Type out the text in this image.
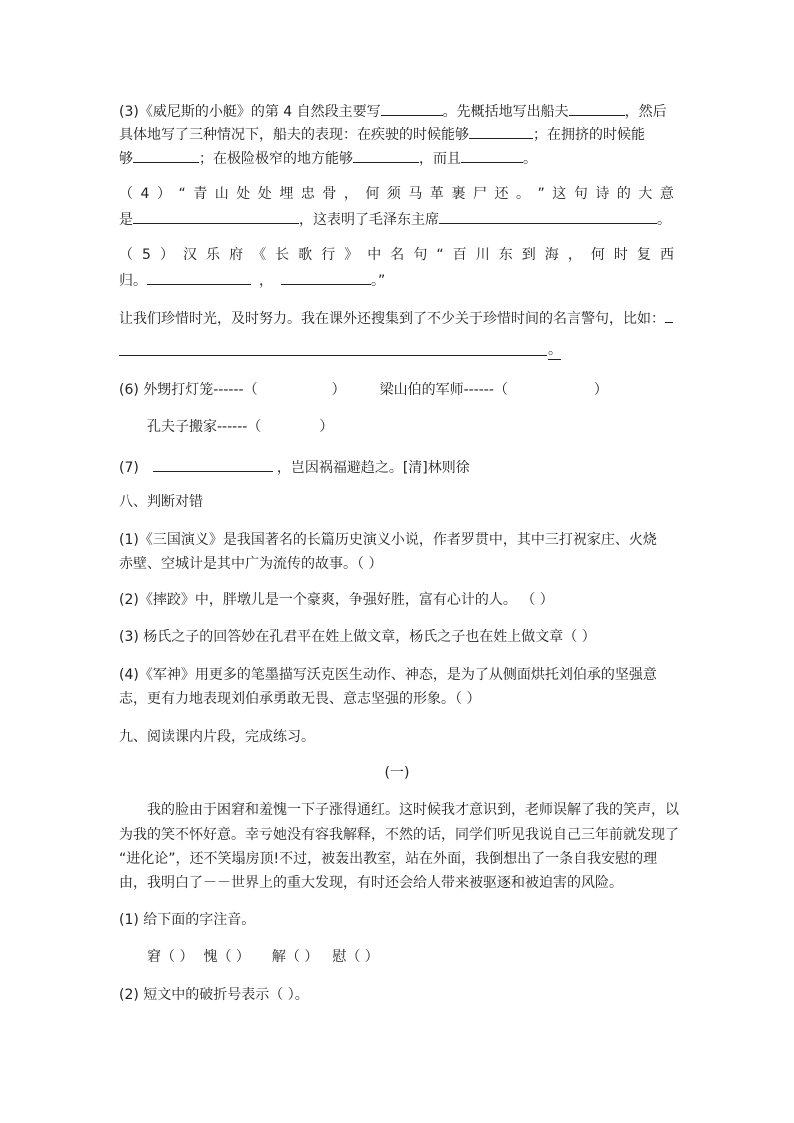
(3)《威尼斯的小艇》的第 4 自然段主要写	。先概括地写出船夫	，然后
具体地写了三种情况下，船夫的表现：在疾驶的时候能够	；在拥挤的时候能
够	；在极险极窄的地方能够	，而且	。
（ 4 ） “ 青 山 处 处 埋 忠 骨 ， 何 须 马 革 裹 尸 还 。 ” 这 句 诗 的 大 意
是	，这表明了毛泽东主席	。
（ 5 ） 汉 乐 府 《 长 歌 行 》 中 名 句 “ 百 川 东 到 海 ， 何 时 复 西
归。	，	。”
让我们珍惜时光，及时努力。我在课外还搜集到了不少关于珍惜时间的名言警句，比如：
。
(6) 外甥打灯笼------（	） 梁山伯的军师------（	）
孔夫子搬家------（	）
(7)	，岂因祸福避趋之。[清]林则徐
八、判断对错
(1)《三国演义》是我国著名的长篇历史演义小说，作者罗贯中，其中三打祝家庄、火烧
赤壁、空城计是其中广为流传的故事。（ ）
(2)《摔跤》中，胖墩儿是一个豪爽，争强好胜，富有心计的人。 （ ）
(3) 杨氏之子的回答妙在孔君平在姓上做文章，杨氏之子也在姓上做文章（ ）
(4)《军神》用更多的笔墨描写沃克医生动作、神态，是为了从侧面烘托刘伯承的坚强意
志，更有力地表现刘伯承勇敢无畏、意志坚强的形象。（ ）
九、阅读课内片段，完成练习。
(一)
我的脸由于困窘和羞愧一下子涨得通红。这时候我才意识到，老师误解了我的笑声，以
为我的笑不怀好意。幸亏她没有容我解释，不然的话，同学们听见我说自己三年前就发现了
“进化论”，还不笑塌房顶!不过，被轰出教室，站在外面，我倒想出了一条自我安慰的理
由，我明白了－－世界上的重大发现，有时还会给人带来被驱逐和被迫害的风险。
(1) 给下面的字注音。
窘（ ） 愧（ ） 解（ ） 慰（ ）
(2) 短文中的破折号表示（ ）。
